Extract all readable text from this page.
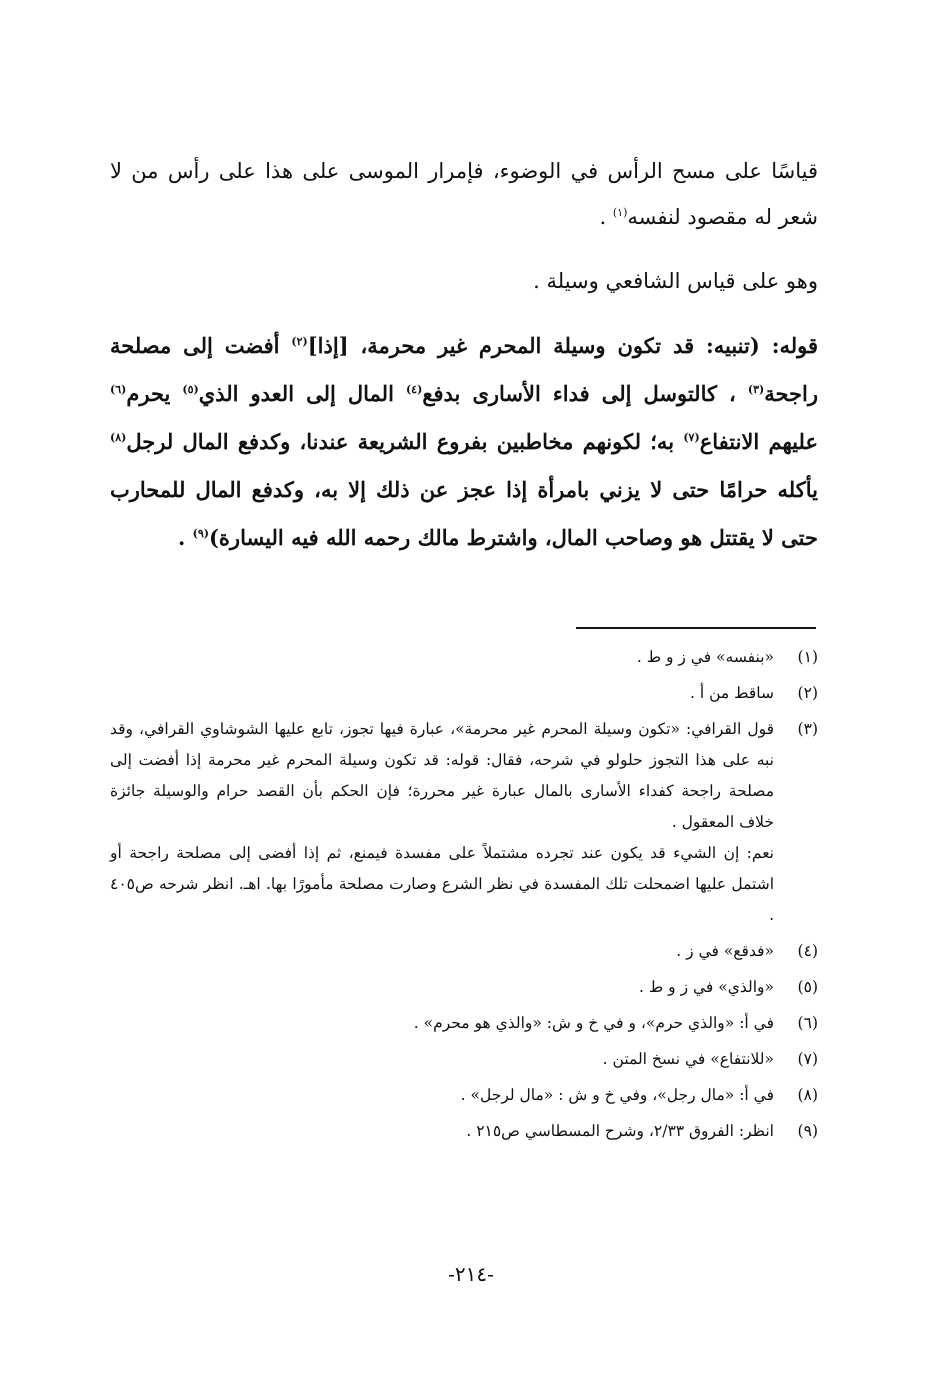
قياسًا على مسح الرأس في الوضوء، فإمرار الموسى على هذا على رأس من لا شعر له مقصود لنفسه$^{(١)}$ .

وهو على قياس الشافعي وسيلة .

قوله: (تنبيه: قد تكون وسيلة المحرم غير محرمة، [إذا]$^{(٢)}$ أفضت إلى مصلحة راجحة$^{(٣)}$ ، كالتوسل إلى فداء الأسارى بدفع$^{(٤)}$ المال إلى العدو الذي$^{(٥)}$ يحرم$^{(٦)}$ عليهم الانتفاع$^{(٧)}$ به؛ لكونهم مخاطبين بفروع الشريعة عندنا، وكدفع المال لرجل$^{(٨)}$ يأكله حرامًا حتى لا يزني بامرأة إذا عجز عن ذلك إلا به، وكدفع المال للمحارب حتى لا يقتتل هو وصاحب المال، واشترط مالك رحمه الله فيه اليسارة)$^{(٩)}$ .

(١)
«بنفسه» في ز و ط .
(٢)
ساقط من أ .
(٣)
قول القرافي: «تكون وسيلة المحرم غير محرمة»، عبارة فيها تجوز، تابع عليها الشوشاوي القرافي، وقد نبه على هذا التجوز حلولو في شرحه، فقال: قوله: قد تكون وسيلة المحرم غير محرمة إذا أفضت إلى مصلحة راجحة كفداء الأسارى بالمال عبارة غير محررة؛ فإن الحكم بأن القصد حرام والوسيلة جائزة خلاف المعقول .
نعم: إن الشيء قد يكون عند تجرده مشتملاً على مفسدة فيمنع، ثم إذا أفضى إلى مصلحة راجحة أو اشتمل عليها اضمحلت تلك المفسدة في نظر الشرع وصارت مصلحة مأمورًا بها. اهـ. انظر شرحه ص٤٠٥ .
(٤)
«فدقع» في ز .
(٥)
«والذي» في ز و ط .
(٦)
في أ: «والذي حرم»، و في خ و ش: «والذي هو محرم» .
(٧)
«للانتفاع» في نسخ المتن .
(٨)
في أ: «مال رجل»، وفي خ و ش : «مال لرجل» .
(٩)
انظر: الفروق ٢/٣٣، وشرح المسطاسي ص٢١٥ .
-٢١٤-
